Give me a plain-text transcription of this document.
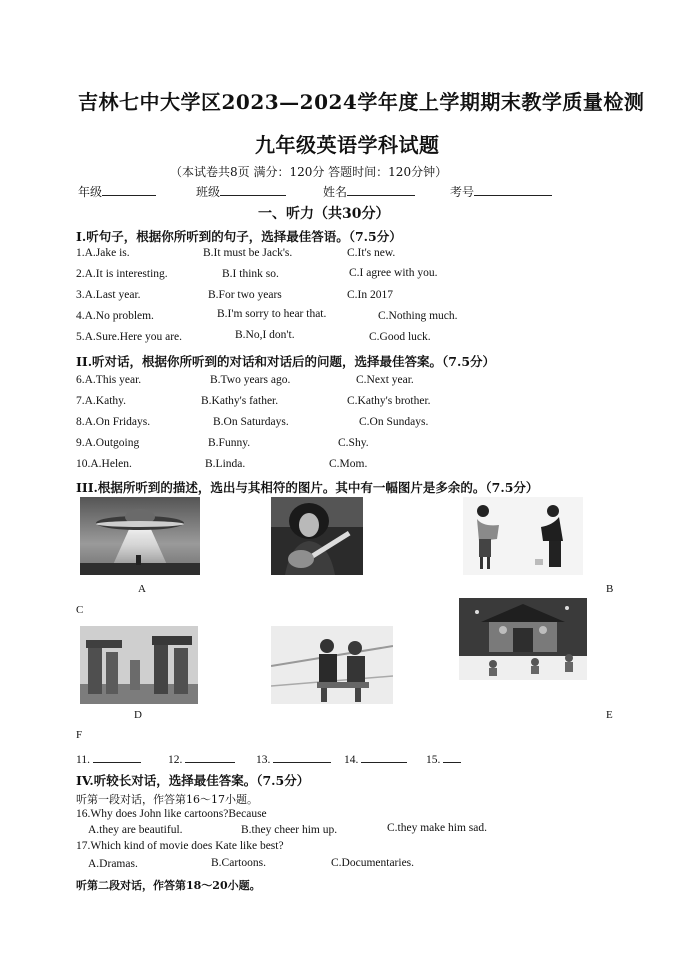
吉林七中大学区2023—2024学年度上学期期末教学质量检测
九年级英语学科试题
（本试卷共8页 满分：120分 答题时间：120分钟）
年级	班级	姓名	考号
一、听力（共30分）
I.听句子，根据你所听到的句子，选择最佳答语。（7.5分）
1.A.Jake is.	B.It must be Jack's.	C.It's new.
2.A.It is interesting.	B.I think so.	C.I agree with you.
3.A.Last year.	B.For two years	C.In 2017
4.A.No problem.	B.I'm sorry to hear that.	C.Nothing much.
5.A.Sure.Here you are.	B.No,I don't.	C.Good luck.
II.听对话，根据你所听到的对话和对话后的问题，选择最佳答案。（7.5分）
6.A.This year.	B.Two years ago.	C.Next year.
7.A.Kathy.	B.Kathy's father.	C.Kathy's brother.
8.A.On Fridays.	B.On Saturdays.	C.On Sundays.
9.A.Outgoing	B.Funny.	C.Shy.
10.A.Helen.	B.Linda.	C.Mom.
III.根据所听到的描述，选出与其相符的图片。其中有一幅图片是多余的。（7.5分）
A	B
C
D	E
F
11.	12.	13.	14.	15.
IV.听较长对话，选择最佳答案。（7.5分）
听第一段对话，作答第16～17小题。
16.Why does John like cartoons?Because
A.they are beautiful.	B.they cheer him up.	C.they make him sad.
17.Which kind of movie does Kate like best?
A.Dramas.	B.Cartoons.	C.Documentaries.
听第二段对话，作答第18～20小题。
